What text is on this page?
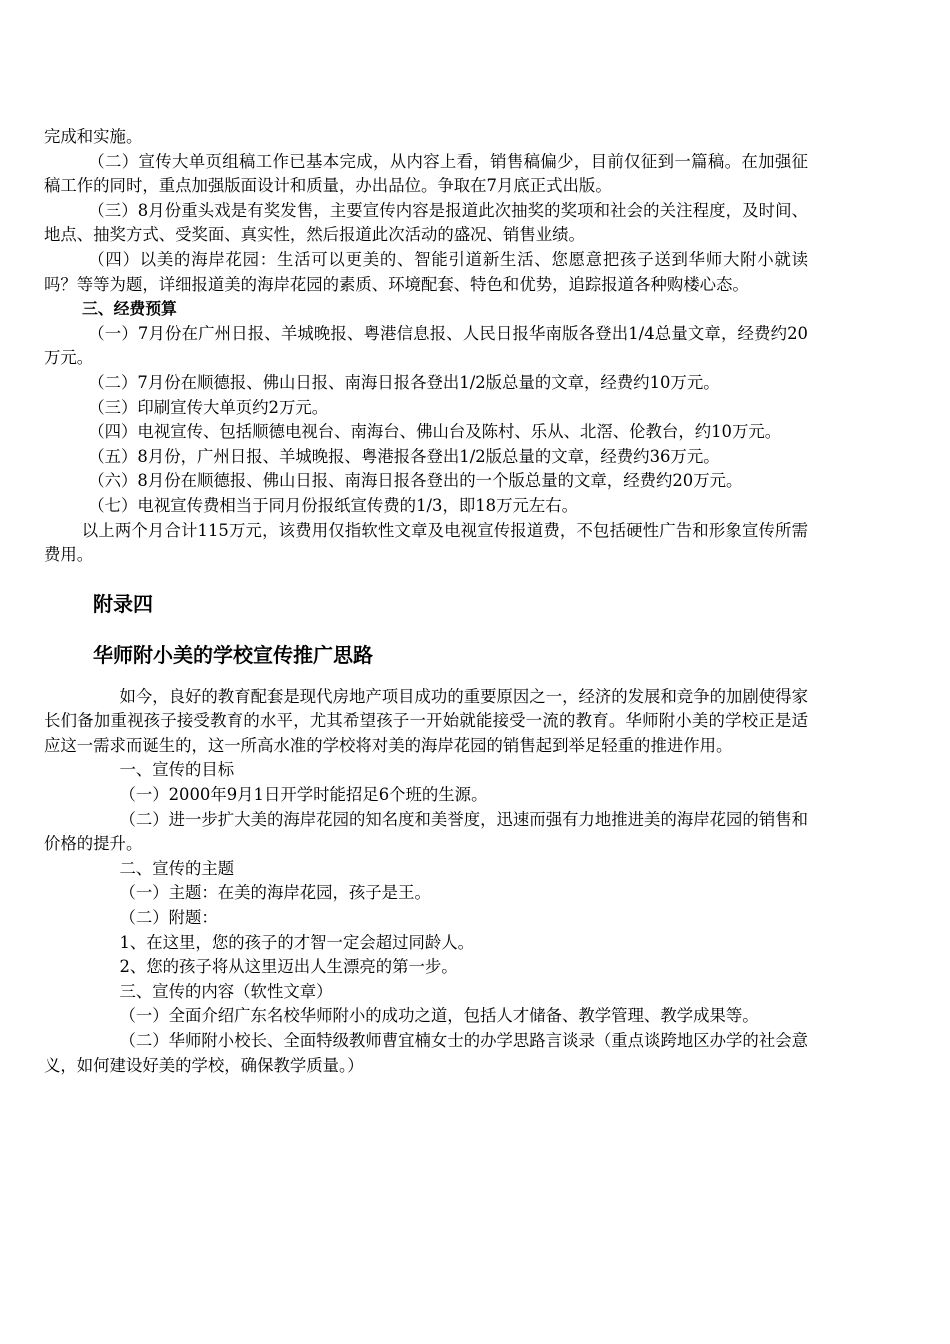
完成和实施。

（二）宣传大单页组稿工作已基本完成，从内容上看，销售稿偏少，目前仅征到一篇稿。在加强征稿工作的同时，重点加强版面设计和质量，办出品位。争取在7月底正式出版。

（三）8月份重头戏是有奖发售，主要宣传内容是报道此次抽奖的奖项和社会的关注程度，及时间、地点、抽奖方式、受奖面、真实性，然后报道此次活动的盛况、销售业绩。

（四）以美的海岸花园：生活可以更美的、智能引道新生活、您愿意把孩子送到华师大附小就读吗？等等为题，详细报道美的海岸花园的素质、环境配套、特色和优势，追踪报道各种购楼心态。

三、经费预算

（一）7月份在广州日报、羊城晚报、粤港信息报、人民日报华南版各登出1/4总量文章，经费约20万元。

（二）7月份在顺德报、佛山日报、南海日报各登出1/2版总量的文章，经费约10万元。

（三）印刷宣传大单页约2万元。

（四）电视宣传、包括顺德电视台、南海台、佛山台及陈村、乐从、北滘、伦教台，约10万元。

（五）8月份，广州日报、羊城晚报、粤港报各登出1/2版总量的文章，经费约36万元。

（六）8月份在顺德报、佛山日报、南海日报各登出的一个版总量的文章，经费约20万元。

（七）电视宣传费相当于同月份报纸宣传费的1/3，即18万元左右。

以上两个月合计115万元，该费用仅指软性文章及电视宣传报道费，不包括硬性广告和形象宣传所需费用。

附录四

华师附小美的学校宣传推广思路

如今，良好的教育配套是现代房地产项目成功的重要原因之一，经济的发展和竞争的加剧使得家长们备加重视孩子接受教育的水平，尤其希望孩子一开始就能接受一流的教育。华师附小美的学校正是适应这一需求而诞生的，这一所高水准的学校将对美的海岸花园的销售起到举足轻重的推进作用。

一、宣传的目标

（一）2000年9月1日开学时能招足6个班的生源。

（二）进一步扩大美的海岸花园的知名度和美誉度，迅速而强有力地推进美的海岸花园的销售和价格的提升。

二、宣传的主题

（一）主题：在美的海岸花园，孩子是王。

（二）附题：

1、在这里，您的孩子的才智一定会超过同龄人。

2、您的孩子将从这里迈出人生漂亮的第一步。

三、宣传的内容（软性文章）

（一）全面介绍广东名校华师附小的成功之道，包括人才储备、教学管理、教学成果等。

（二）华师附小校长、全面特级教师曹宜楠女士的办学思路言谈录（重点谈跨地区办学的社会意义，如何建设好美的学校，确保教学质量。）
